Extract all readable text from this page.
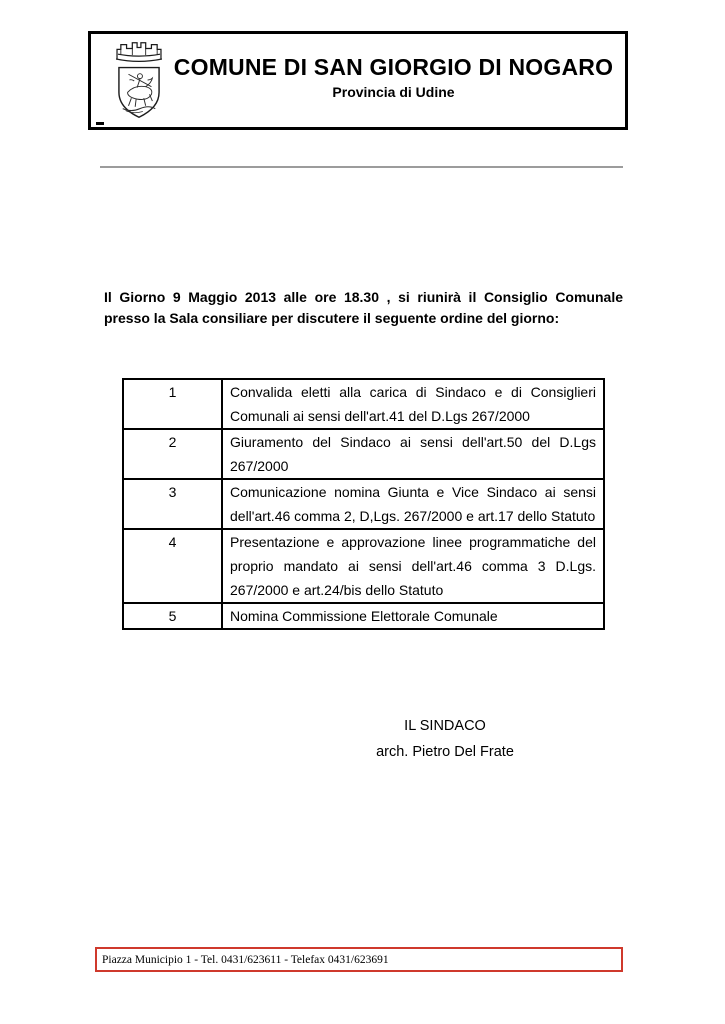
COMUNE DI SAN GIORGIO DI NOGARO
Provincia di Udine
Il Giorno 9 Maggio 2013 alle ore 18.30 , si riunirà il Consiglio Comunale
presso la Sala consiliare per discutere il seguente ordine del giorno:
1	Convalida eletti alla carica di Sindaco e di Consiglieri Comunali ai sensi dell'art.41 del D.Lgs 267/2000
2	Giuramento del Sindaco ai sensi dell'art.50 del D.Lgs 267/2000
3	Comunicazione nomina Giunta e Vice Sindaco ai sensi dell'art.46 comma 2, D,Lgs. 267/2000 e art.17 dello Statuto
4	Presentazione e approvazione linee programmatiche del proprio mandato ai sensi dell'art.46 comma 3 D.Lgs. 267/2000 e art.24/bis dello Statuto
5	Nomina Commissione Elettorale Comunale
IL SINDACO
arch. Pietro Del Frate
Piazza Municipio 1 - Tel. 0431/623611 - Telefax 0431/623691
